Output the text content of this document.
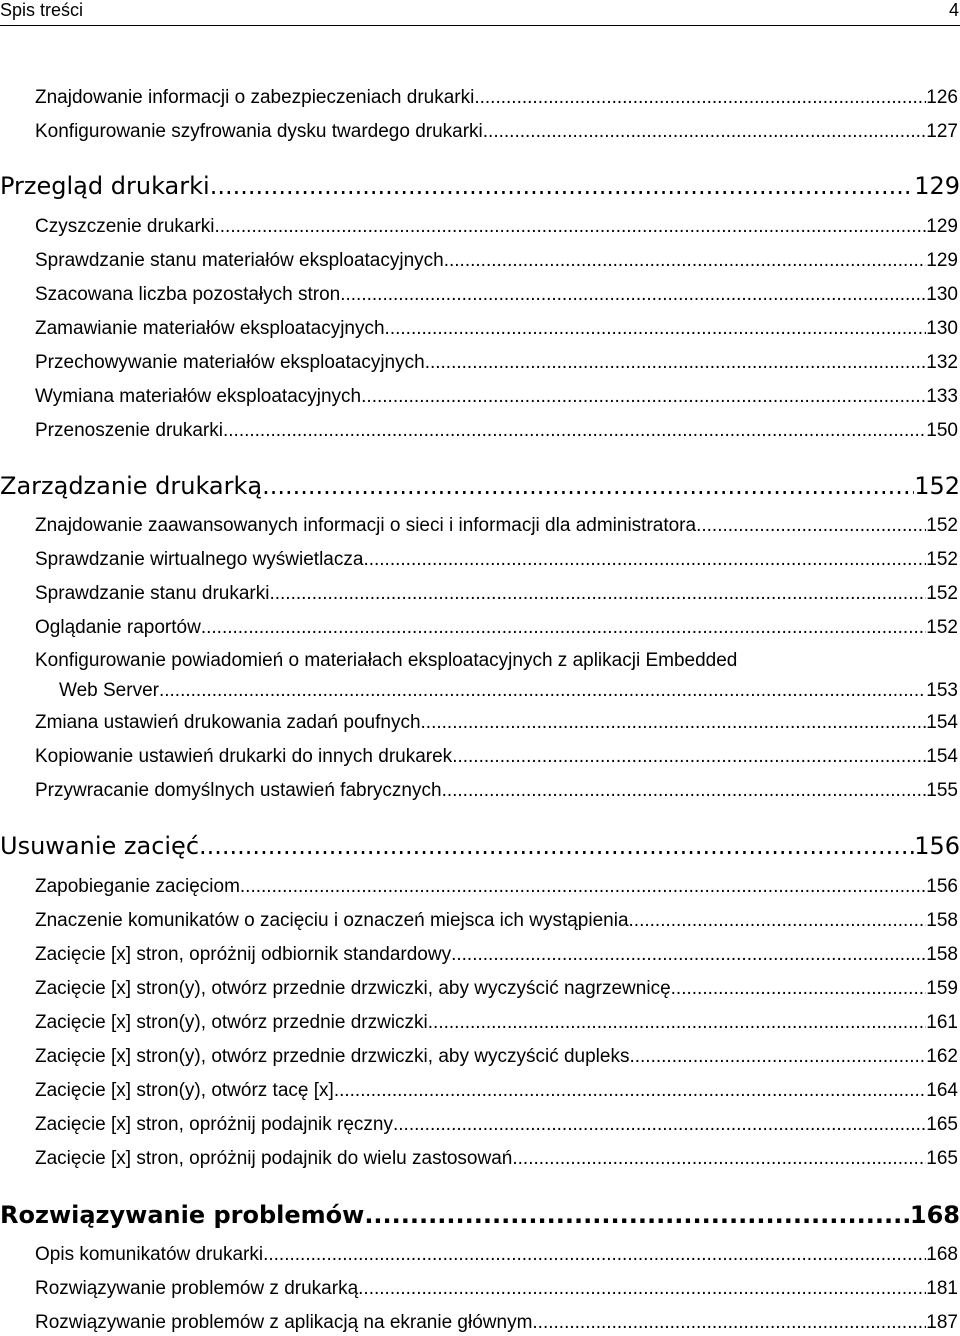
Spis treści	4
Znajdowanie informacji o zabezpieczeniach drukarki .....	126
Konfigurowanie szyfrowania dysku twardego drukarki .....	127
Przegląd drukarki .....	129
Czyszczenie drukarki .....	129
Sprawdzanie stanu materiałów eksploatacyjnych .....	129
Szacowana liczba pozostałych stron .....	130
Zamawianie materiałów eksploatacyjnych .....	130
Przechowywanie materiałów eksploatacyjnych .....	132
Wymiana materiałów eksploatacyjnych .....	133
Przenoszenie drukarki .....	150
Zarządzanie drukarką .....	152
Znajdowanie zaawansowanych informacji o sieci i informacji dla administratora .....	152
Sprawdzanie wirtualnego wyświetlacza .....	152
Sprawdzanie stanu drukarki .....	152
Oglądanie raportów .....	152
Konfigurowanie powiadomień o materiałach eksploatacyjnych z aplikacji Embedded
Web Server .....	153
Zmiana ustawień drukowania zadań poufnych .....	154
Kopiowanie ustawień drukarki do innych drukarek .....	154
Przywracanie domyślnych ustawień fabrycznych .....	155
Usuwanie zacięć .....	156
Zapobieganie zacięciom .....	156
Znaczenie komunikatów o zacięciu i oznaczeń miejsca ich wystąpienia .....	158
Zacięcie [x] stron, opróżnij odbiornik standardowy .....	158
Zacięcie [x] stron(y), otwórz przednie drzwiczki, aby wyczyścić nagrzewnicę .....	159
Zacięcie [x] stron(y), otwórz przednie drzwiczki .....	161
Zacięcie [x] stron(y), otwórz przednie drzwiczki, aby wyczyścić dupleks .....	162
Zacięcie [x] stron(y), otwórz tacę [x] .....	164
Zacięcie [x] stron, opróżnij podajnik ręczny .....	165
Zacięcie [x] stron, opróżnij podajnik do wielu zastosowań .....	165
Rozwiązywanie problemów .....	168
Opis komunikatów drukarki .....	168
Rozwiązywanie problemów z drukarką .....	181
Rozwiązywanie problemów z aplikacją na ekranie głównym .....	187
